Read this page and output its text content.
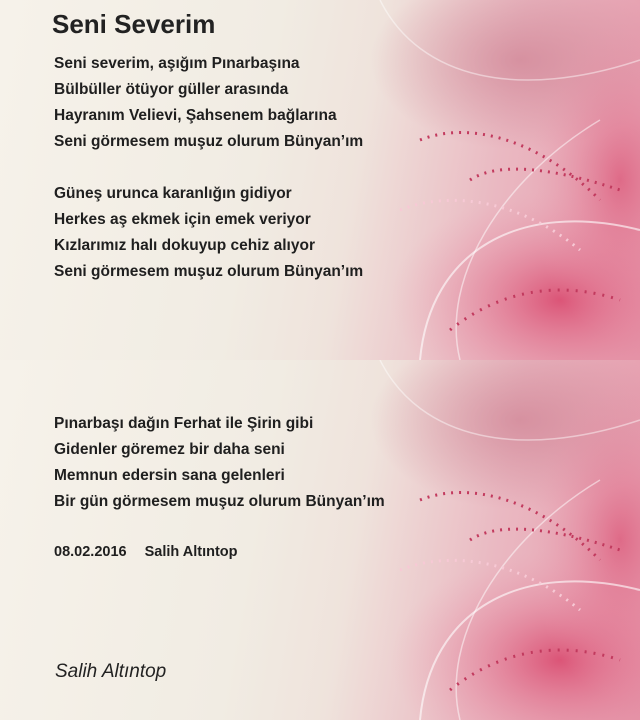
Seni Severim
Seni severim, aşığım Pınarbaşına
Bülbüller ötüyor güller arasında
Hayranım Velievi, Şahsenem bağlarına
Seni görmesem muşuz olurum Bünyan’ım
Güneş urunca karanlığın gidiyor
Herkes aş ekmek için emek veriyor
Kızlarımız halı dokuyup cehiz alıyor
Seni görmesem muşuz olurum Bünyan’ım
Pınarbaşı dağın Ferhat ile Şirin gibi
Gidenler göremez bir daha seni
Memnun edersin sana gelenleri
Bir gün görmesem muşuz olurum Bünyan’ım
08.02.2016 Salih Altıntop
Salih Altıntop
